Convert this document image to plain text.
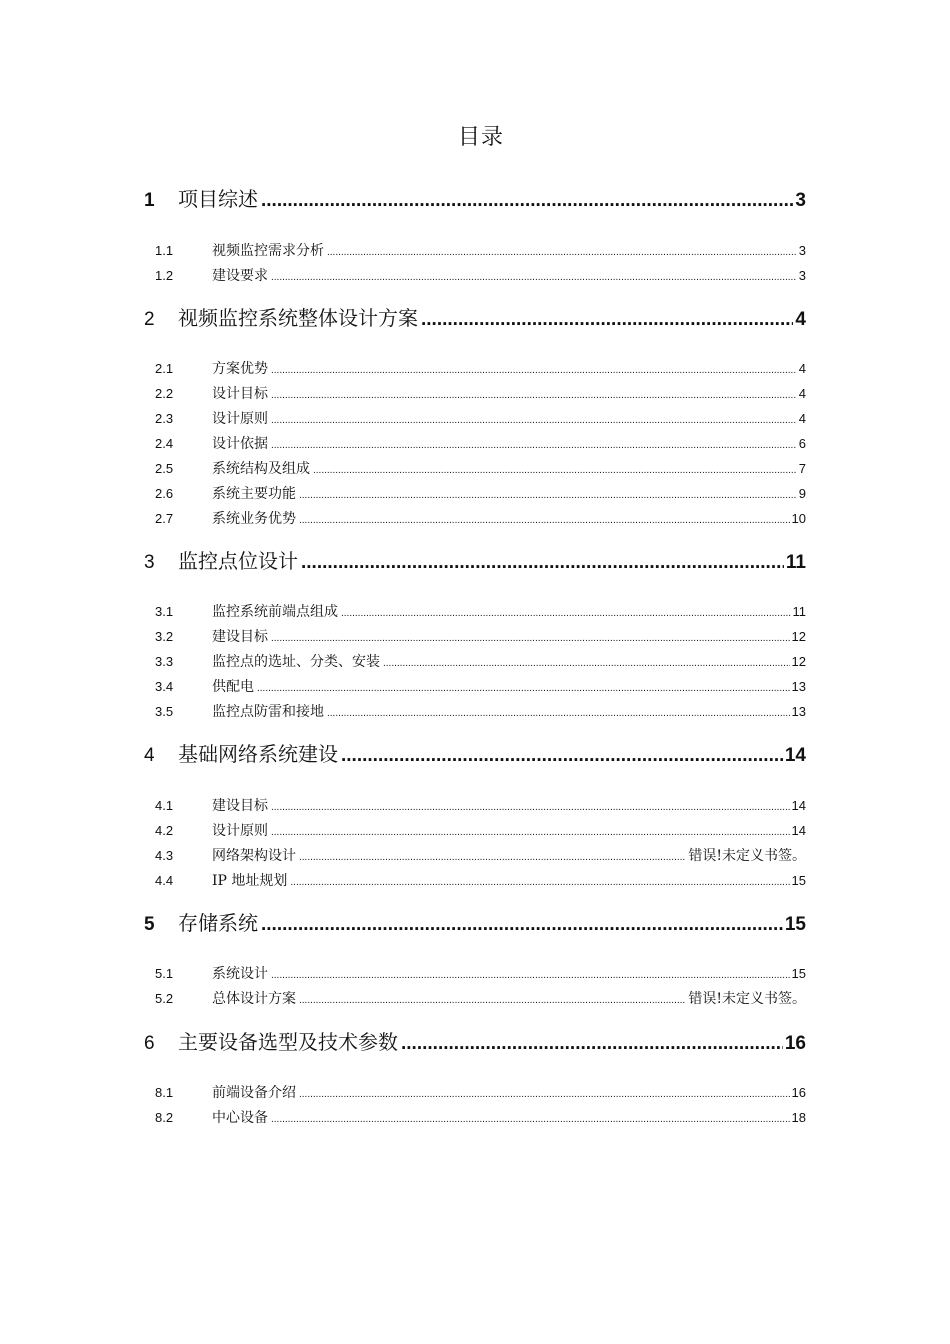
目录
1	项目综述 .....	3
1.1	视频监控需求分析 .....	3
1.2	建设要求 .....	3
2	视频监控系统整体设计方案 .....	4
2.1	方案优势 .....	4
2.2	设计目标 .....	4
2.3	设计原则 .....	4
2.4	设计依据 .....	6
2.5	系统结构及组成 .....	7
2.6	系统主要功能 .....	9
2.7	系统业务优势 .....	10
3	监控点位设计 .....	11
3.1	监控系统前端点组成 .....	11
3.2	建设目标 .....	12
3.3	监控点的选址、分类、安装 .....	12
3.4	供配电 .....	13
3.5	监控点防雷和接地 .....	13
4	基础网络系统建设 .....	14
4.1	建设目标 .....	14
4.2	设计原则 .....	14
4.3	网络架构设计 .....	错误!未定义书签。
4.4	IP 地址规划 .....	15
5	存储系统 .....	15
5.1	系统设计 .....	15
5.2	总体设计方案 .....	错误!未定义书签。
6	主要设备选型及技术参数 .....	16
8.1	前端设备介绍 .....	16
8.2	中心设备 .....	18
